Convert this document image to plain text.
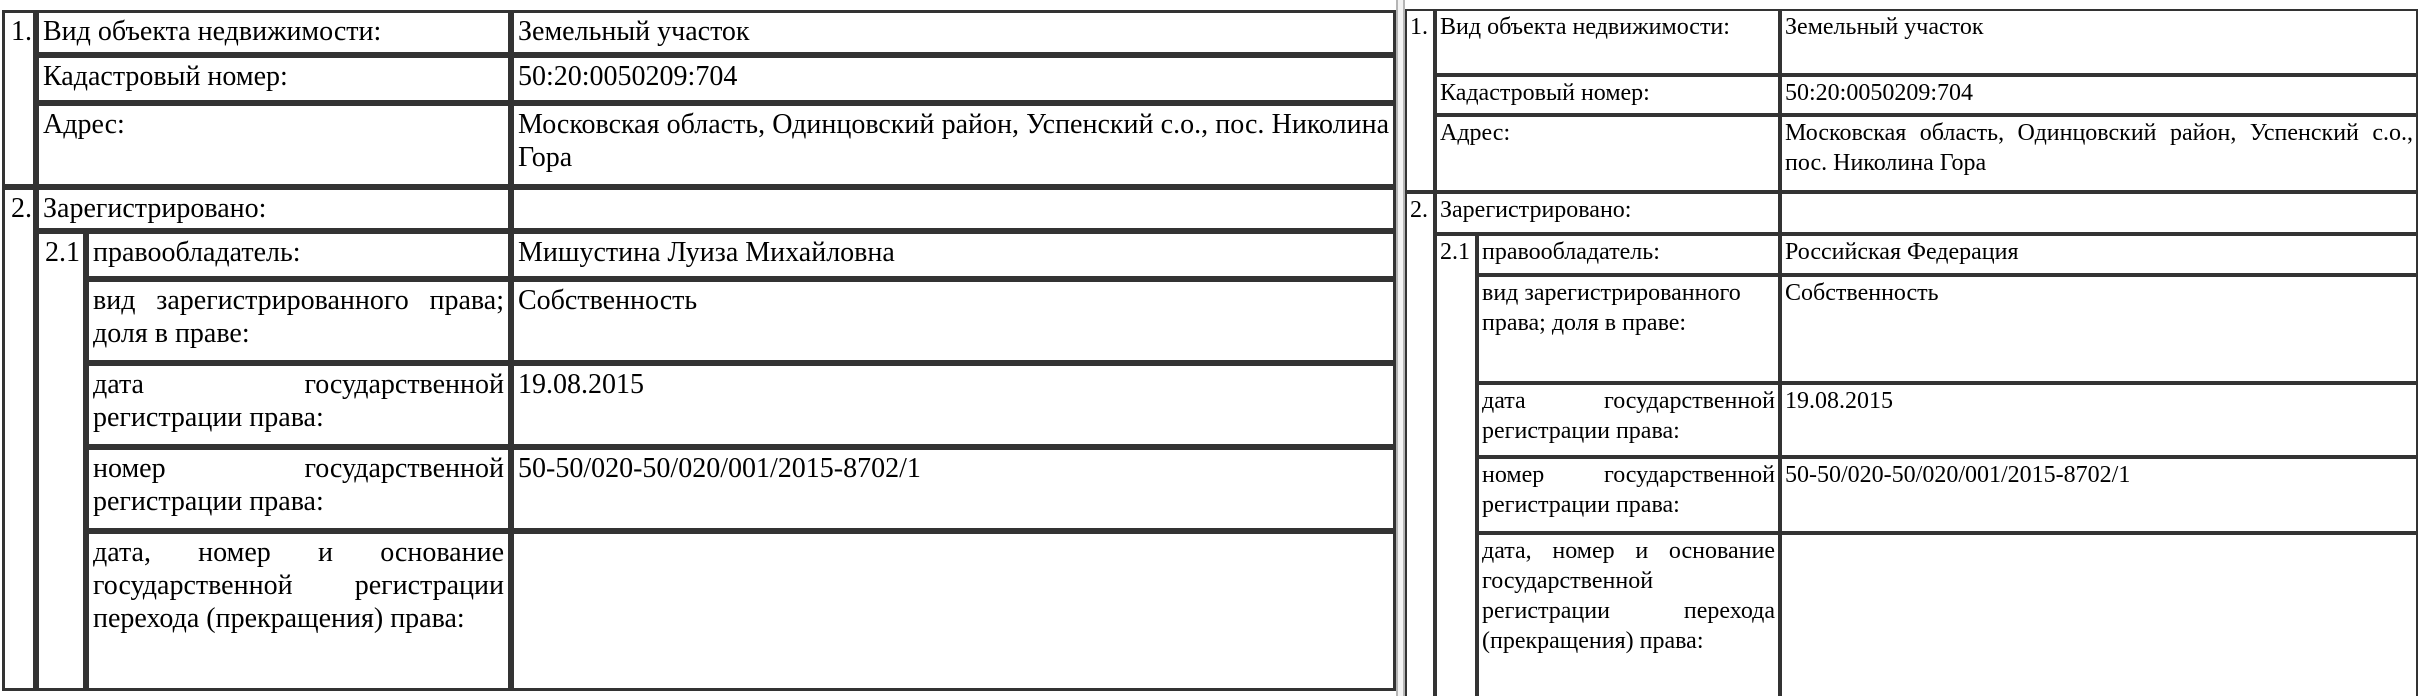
1.	Вид объекта недвижимости:		Земельный участок
	Кадастровый номер:		50:20:0050209:704
	Адрес:		Московская область, Одинцовский район, Успенский с.о., пос. Николина Гора
2.	Зарегистрировано:		
	2.1	правообладатель:	Мишустина Луиза Михайловна
		вид зарегистрированного права; доля в праве:	Собственность
		дата государственной регистрации права:	19.08.2015
		номер государственной регистрации права:	50-50/020-50/020/001/2015-8702/1
		дата, номер и основание государственной регистрации перехода (прекращения) права:	
1.	Вид объекта недвижимости:		Земельный участок
	Кадастровый номер:		50:20:0050209:704
	Адрес:		Московская область, Одинцовский район, Успенский с.о., пос. Николина Гора
2.	Зарегистрировано:		
	2.1	правообладатель:	Российская Федерация
		вид зарегистрированного права; доля в праве:	Собственность
		дата государственной регистрации права:	19.08.2015
		номер государственной регистрации права:	50-50/020-50/020/001/2015-8702/1
		дата, номер и основание государственной регистрации перехода (прекращения) права:	
